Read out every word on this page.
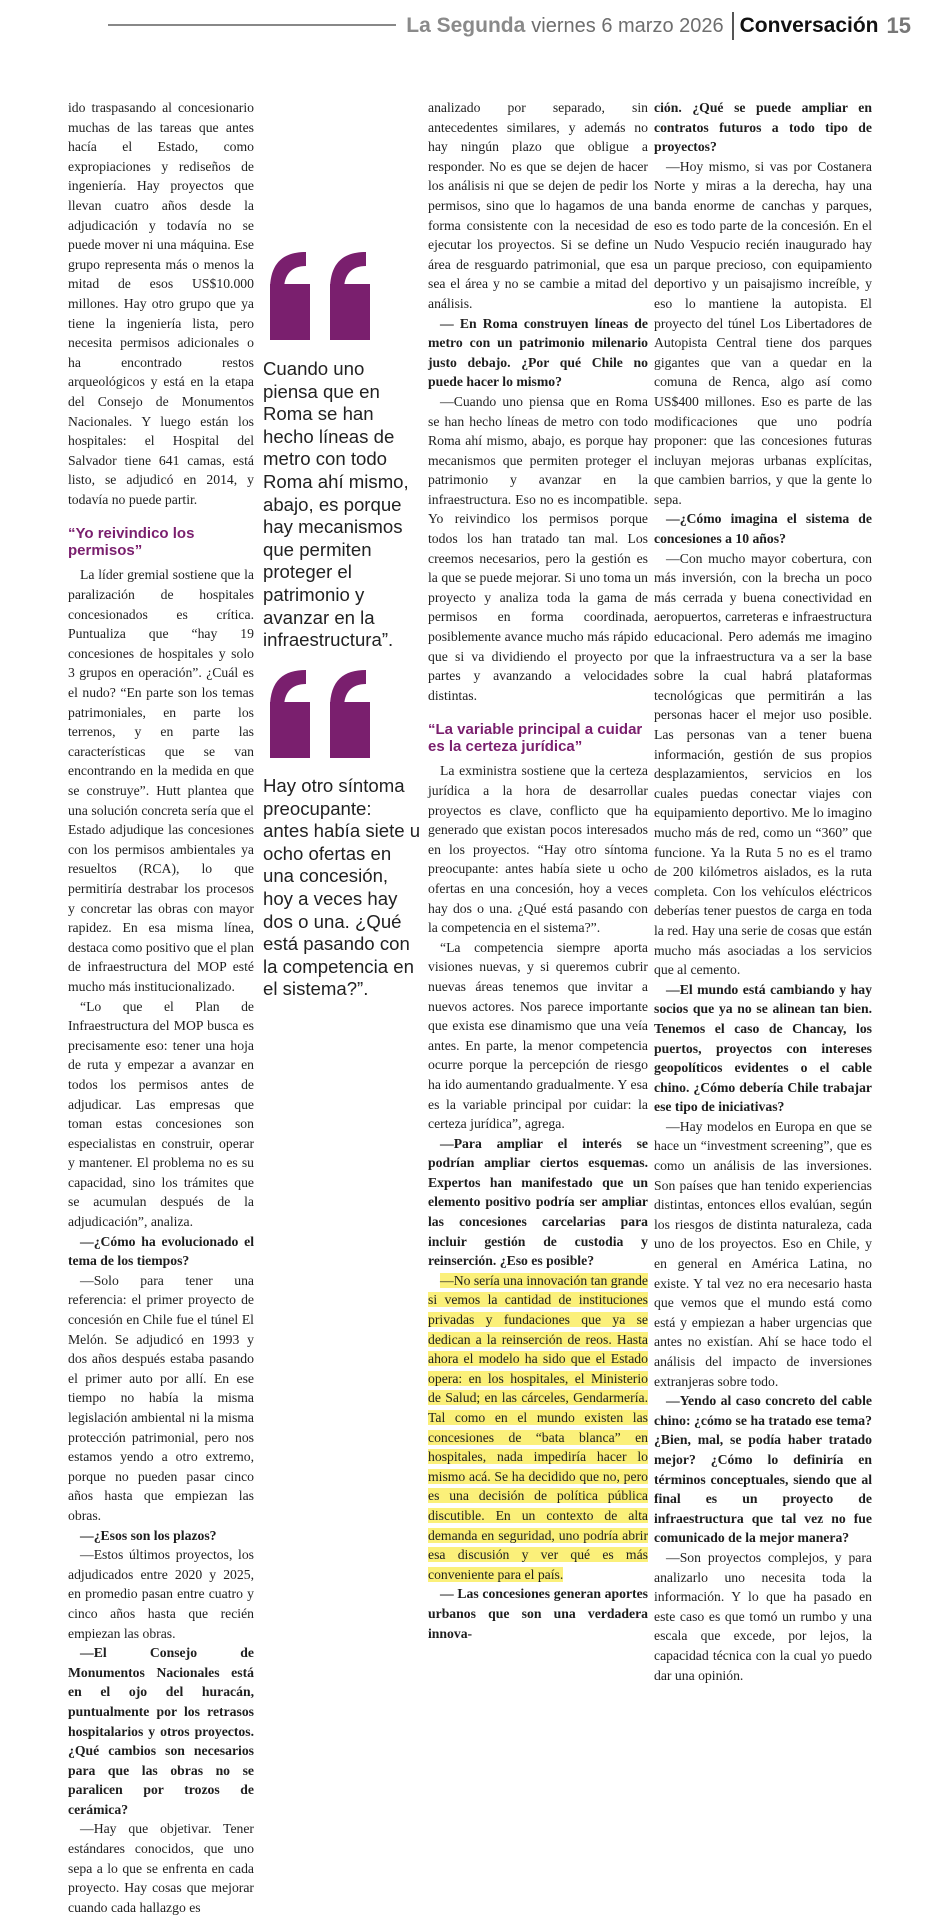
La Segunda viernes 6 marzo 2026 Conversación 15

ido traspasando al concesionario muchas de las tareas que antes hacía el Estado, como expropiaciones y rediseños de ingeniería. Hay proyectos que llevan cuatro años desde la adjudicación y todavía no se puede mover ni una máquina. Ese grupo representa más o menos la mitad de esos US$10.000 millones. Hay otro grupo que ya tiene la ingeniería lista, pero necesita permisos adicionales o ha encontrado restos arqueológicos y está en la etapa del Consejo de Monumentos Nacionales. Y luego están los hospitales: el Hospital del Salvador tiene 641 camas, está listo, se adjudicó en 2014, y todavía no puede partir.

“Yo reivindico los permisos”

La líder gremial sostiene que la paralización de hospitales concesionados es crítica. Puntualiza que “hay 19 concesiones de hospitales y solo 3 grupos en operación”. ¿Cuál es el nudo? “En parte son los temas patrimoniales, en parte los terrenos, y en parte las características que se van encontrando en la medida en que se construye”. Hutt plantea que una solución concreta sería que el Estado adjudique las concesiones con los permisos ambientales ya resueltos (RCA), lo que permitiría destrabar los procesos y concretar las obras con mayor rapidez. En esa misma línea, destaca como positivo que el plan de infraestructura del MOP esté mucho más institucionalizado.

“Lo que el Plan de Infraestructura del MOP busca es precisamente eso: tener una hoja de ruta y empezar a avanzar en todos los permisos antes de adjudicar. Las empresas que toman estas concesiones son especialistas en construir, operar y mantener. El problema no es su capacidad, sino los trámites que se acumulan después de la adjudicación”, analiza.

—¿Cómo ha evolucionado el tema de los tiempos?

—Solo para tener una referencia: el primer proyecto de concesión en Chile fue el túnel El Melón. Se adjudicó en 1993 y dos años después estaba pasando el primer auto por allí. En ese tiempo no había la misma legislación ambiental ni la misma protección patrimonial, pero nos estamos yendo a otro extremo, porque no pueden pasar cinco años hasta que empiezan las obras.

—¿Esos son los plazos?

—Estos últimos proyectos, los adjudicados entre 2020 y 2025, en promedio pasan entre cuatro y cinco años hasta que recién empiezan las obras.

—El Consejo de Monumentos Nacionales está en el ojo del huracán, puntualmente por los retrasos hospitalarios y otros proyectos. ¿Qué cambios son necesarios para que las obras no se paralicen por trozos de cerámica?

—Hay que objetivar. Tener estándares conocidos, que uno sepa a lo que se enfrenta en cada proyecto. Hay cosas que mejorar cuando cada hallazgo es

Cuando uno piensa que en Roma se han hecho líneas de metro con todo Roma ahí mismo, abajo, es porque hay mecanismos que permiten proteger el patrimonio y avanzar en la infraestructura”.
Hay otro síntoma preocupante: antes había siete u ocho ofertas en una concesión, hoy a veces hay dos o una. ¿Qué está pasando con la competencia en el sistema?”.

analizado por separado, sin antecedentes similares, y además no hay ningún plazo que obligue a responder. No es que se dejen de hacer los análisis ni que se dejen de pedir los permisos, sino que lo hagamos de una forma consistente con la necesidad de ejecutar los proyectos. Si se define un área de resguardo patrimonial, que esa sea el área y no se cambie a mitad del análisis.

— En Roma construyen líneas de metro con un patrimonio milenario justo debajo. ¿Por qué Chile no puede hacer lo mismo?

—Cuando uno piensa que en Roma se han hecho líneas de metro con todo Roma ahí mismo, abajo, es porque hay mecanismos que permiten proteger el patrimonio y avanzar en la infraestructura. Eso no es incompatible. Yo reivindico los permisos porque todos los han tratado tan mal. Los creemos necesarios, pero la gestión es la que se puede mejorar. Si uno toma un proyecto y analiza toda la gama de permisos en forma coordinada, posiblemente avance mucho más rápido que si va dividiendo el proyecto por partes y avanzando a velocidades distintas.

“La variable principal a cuidar es la certeza jurídica”

La exministra sostiene que la certeza jurídica a la hora de desarrollar proyectos es clave, conflicto que ha generado que existan pocos interesados en los proyectos. “Hay otro síntoma preocupante: antes había siete u ocho ofertas en una concesión, hoy a veces hay dos o una. ¿Qué está pasando con la competencia en el sistema?”.

“La competencia siempre aporta visiones nuevas, y si queremos cubrir nuevas áreas tenemos que invitar a nuevos actores. Nos parece importante que exista ese dinamismo que una veía antes. En parte, la menor competencia ocurre porque la percepción de riesgo ha ido aumentando gradualmente. Y esa es la variable principal por cuidar: la certeza jurídica”, agrega.

—Para ampliar el interés se podrían ampliar ciertos esquemas. Expertos han manifestado que un elemento positivo podría ser ampliar las concesiones carcelarias para incluir gestión de custodia y reinserción. ¿Eso es posible?

—No sería una innovación tan grande si vemos la cantidad de instituciones privadas y fundaciones que ya se dedican a la reinserción de reos. Hasta ahora el modelo ha sido que el Estado opera: en los hospitales, el Ministerio de Salud; en las cárceles, Gendarmería. Tal como en el mundo existen las concesiones de “bata blanca” en hospitales, nada impediría hacer lo mismo acá. Se ha decidido que no, pero es una decisión de política pública discutible. En un contexto de alta demanda en seguridad, uno podría abrir esa discusión y ver qué es más conveniente para el país.

— Las concesiones generan aportes urbanos que son una verdadera innova-

ción. ¿Qué se puede ampliar en contratos futuros a todo tipo de proyectos?

—Hoy mismo, si vas por Costanera Norte y miras a la derecha, hay una banda enorme de canchas y parques, eso es todo parte de la concesión. En el Nudo Vespucio recién inaugurado hay un parque precioso, con equipamiento deportivo y un paisajismo increíble, y eso lo mantiene la autopista. El proyecto del túnel Los Libertadores de Autopista Central tiene dos parques gigantes que van a quedar en la comuna de Renca, algo así como US$400 millones. Eso es parte de las modificaciones que uno podría proponer: que las concesiones futuras incluyan mejoras urbanas explícitas, que cambien barrios, y que la gente lo sepa.

—¿Cómo imagina el sistema de concesiones a 10 años?

—Con mucho mayor cobertura, con más inversión, con la brecha un poco más cerrada y buena conectividad en aeropuertos, carreteras e infraestructura educacional. Pero además me imagino que la infraestructura va a ser la base sobre la cual habrá plataformas tecnológicas que permitirán a las personas hacer el mejor uso posible. Las personas van a tener buena información, gestión de sus propios desplazamientos, servicios en los cuales puedas conectar viajes con equipamiento deportivo. Me lo imagino mucho más de red, como un “360” que funcione. Ya la Ruta 5 no es el tramo de 200 kilómetros aislados, es la ruta completa. Con los vehículos eléctricos deberías tener puestos de carga en toda la red. Hay una serie de cosas que están mucho más asociadas a los servicios que al cemento.

—El mundo está cambiando y hay socios que ya no se alinean tan bien. Tenemos el caso de Chancay, los puertos, proyectos con intereses geopolíticos evidentes o el cable chino. ¿Cómo debería Chile trabajar ese tipo de iniciativas?

—Hay modelos en Europa en que se hace un “investment screening”, que es como un análisis de las inversiones. Son países que han tenido experiencias distintas, entonces ellos evalúan, según los riesgos de distinta naturaleza, cada uno de los proyectos. Eso en Chile, y en general en América Latina, no existe. Y tal vez no era necesario hasta que vemos que el mundo está como está y empiezan a haber urgencias que antes no existían. Ahí se hace todo el análisis del impacto de inversiones extranjeras sobre todo.

—Yendo al caso concreto del cable chino: ¿cómo se ha tratado ese tema? ¿Bien, mal, se podía haber tratado mejor? ¿Cómo lo definiría en términos conceptuales, siendo que al final es un proyecto de infraestructura que tal vez no fue comunicado de la mejor manera?

—Son proyectos complejos, y para analizarlo uno necesita toda la información. Y lo que ha pasado en este caso es que tomó un rumbo y una escala que excede, por lejos, la capacidad técnica con la cual yo puedo dar una opinión.
